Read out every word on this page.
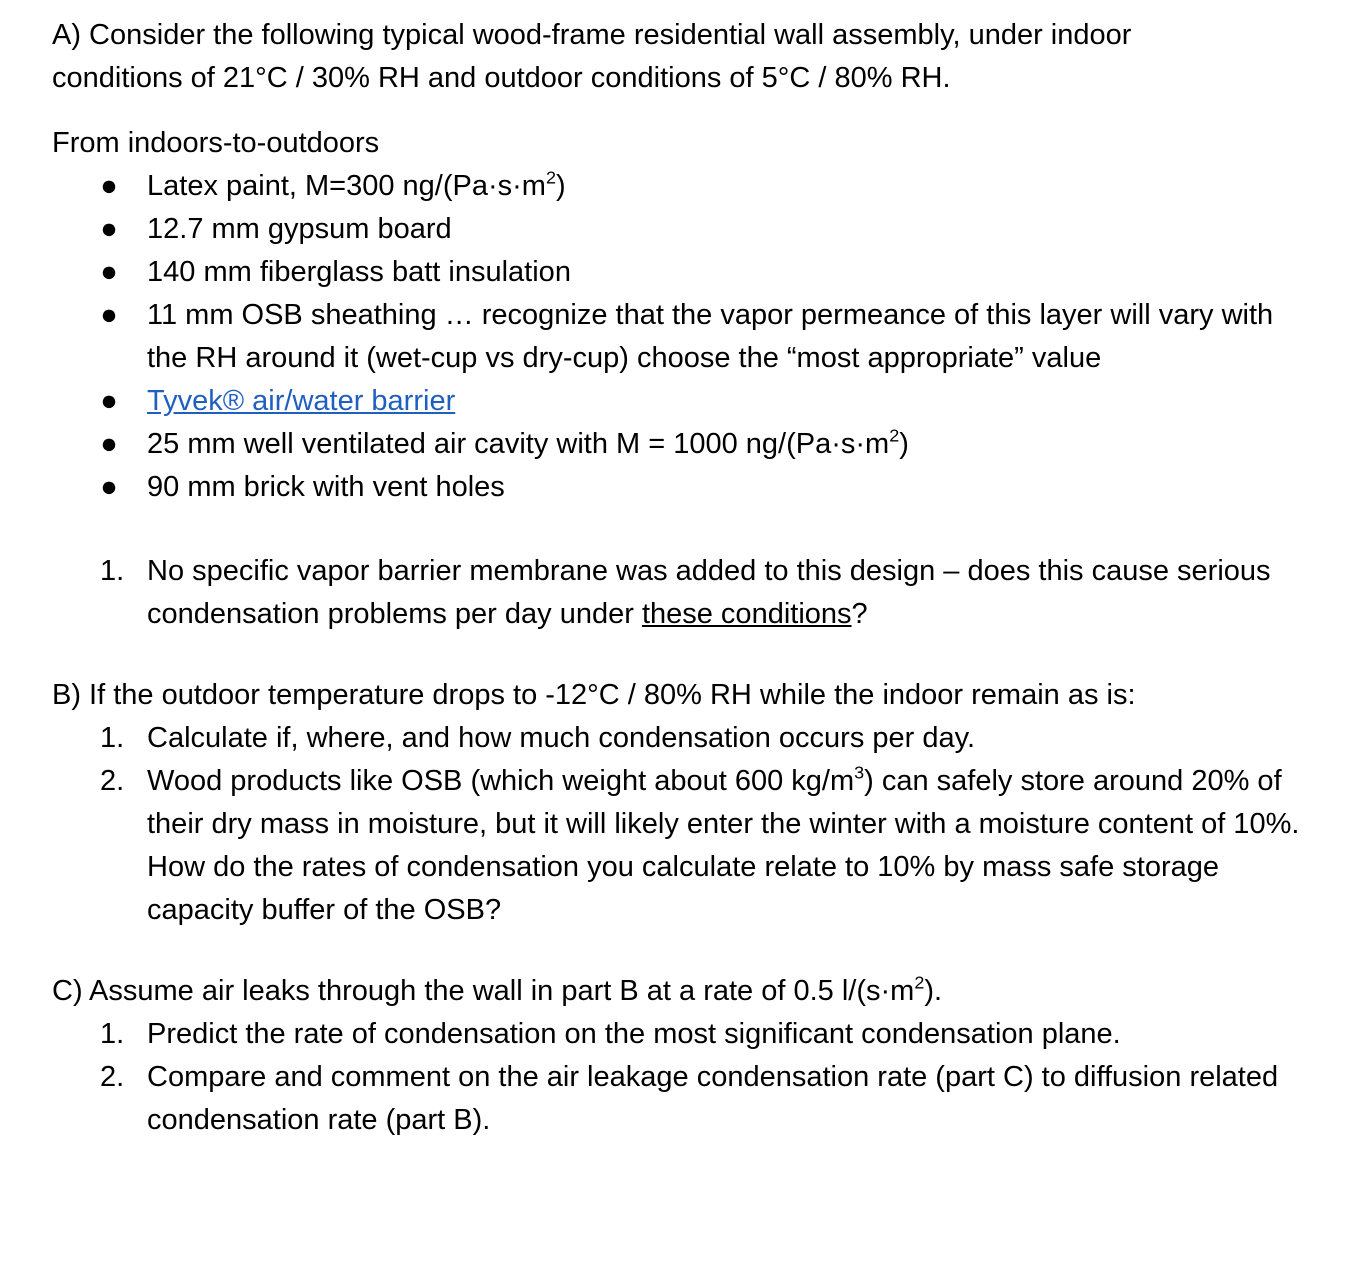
A) Consider the following typical wood-frame residential wall assembly, under indoor

conditions of 21°C / 30% RH and outdoor conditions of 5°C / 80% RH.

From indoors-to-outdoors

● Latex paint, M=300 $ng/(Pa\cdot s\cdot m^2)$
● 12.7 mm gypsum board
● 140 mm fiberglass batt insulation
● 11 mm OSB sheathing … recognize that the vapor permeance of this layer will vary with the RH around it (wet-cup vs dry-cup) choose the “most appropriate” value
● Tyvek® air/water barrier
● 25 mm well ventilated air cavity with M = 1000 $ng/(Pa\cdot s\cdot m^2)$
● 90 mm brick with vent holes
1. No specific vapor barrier membrane was added to this design – does this cause serious condensation problems per day under these conditions?

B) If the outdoor temperature drops to -12°C / 80% RH while the indoor remain as is:

1. Calculate if, where, and how much condensation occurs per day.
2. Wood products like OSB (which weight about 600 $kg/m^3$) can safely store around 20% of their dry mass in moisture, but it will likely enter the winter with a moisture content of 10%. How do the rates of condensation you calculate relate to 10% by mass safe storage capacity buffer of the OSB?

C) Assume air leaks through the wall in part B at a rate of 0.5 $l/(s\cdot m^2)$.

1. Predict the rate of condensation on the most significant condensation plane.
2. Compare and comment on the air leakage condensation rate (part C) to diffusion related condensation rate (part B).
